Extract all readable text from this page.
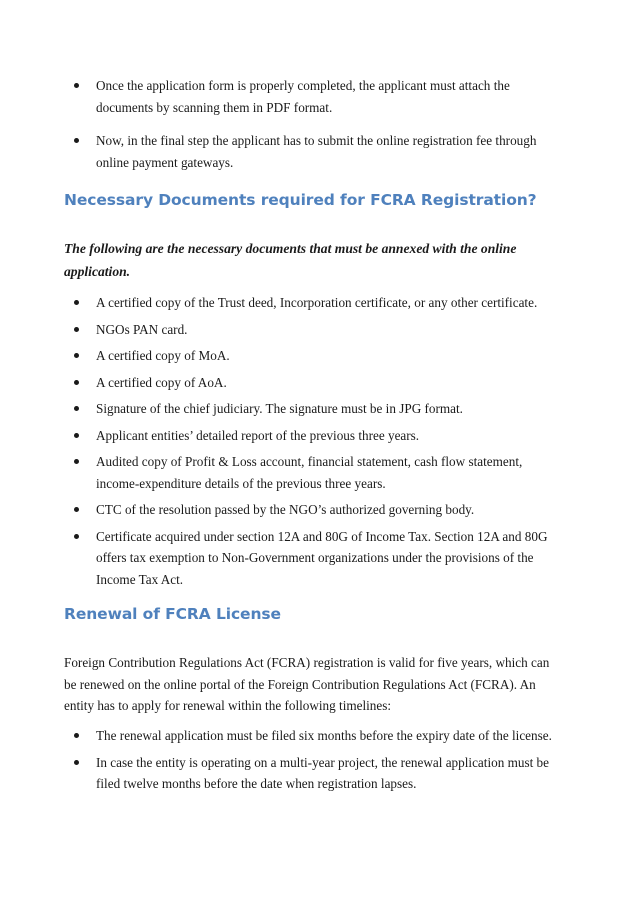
Once the application form is properly completed, the applicant must attach the documents by scanning them in PDF format.
Now, in the final step the applicant has to submit the online registration fee through online payment gateways.
Necessary Documents required for FCRA Registration?

The following are the necessary documents that must be annexed with the online application.

A certified copy of the Trust deed, Incorporation certificate, or any other certificate.
NGOs PAN card.
A certified copy of MoA.
A certified copy of AoA.
Signature of the chief judiciary. The signature must be in JPG format.
Applicant entities’ detailed report of the previous three years.
Audited copy of Profit & Loss account, financial statement, cash flow statement, income-expenditure details of the previous three years.
CTC of the resolution passed by the NGO’s authorized governing body.
Certificate acquired under section 12A and 80G of Income Tax. Section 12A and 80G offers tax exemption to Non-Government organizations under the provisions of the Income Tax Act.
Renewal of FCRA License

Foreign Contribution Regulations Act (FCRA) registration is valid for five years, which can be renewed on the online portal of the Foreign Contribution Regulations Act (FCRA). An entity has to apply for renewal within the following timelines:

The renewal application must be filed six months before the expiry date of the license.
In case the entity is operating on a multi-year project, the renewal application must be filed twelve months before the date when registration lapses.
